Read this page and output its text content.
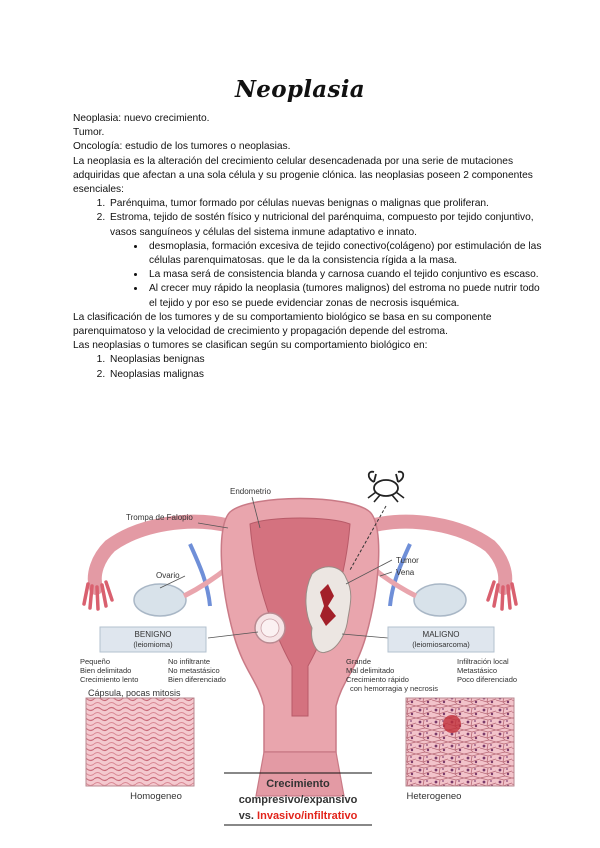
Neoplasia

Neoplasia: nuevo crecimiento.

Tumor.

Oncología: estudio de los tumores o neoplasias.

La neoplasia es la alteración del crecimiento celular desencadenada por una serie de mutaciones adquiridas que afectan a una sola célula y su progenie clónica. las neoplasias poseen 2 componentes esenciales:

1. Parénquima, tumor formado por células nuevas benignas o malignas que proliferan.
2. Estroma, tejido de sostén físico y nutricional del parénquima, compuesto por tejido conjuntivo, vasos sanguíneos y células del sistema inmune adaptativo e innato.
• desmoplasia, formación excesiva de tejido conectivo(colágeno) por estimulación de las células parenquimatosas. que le da la consistencia rígida a la masa.
• La masa será de consistencia blanda y carnosa cuando el tejido conjuntivo es escaso.
• Al crecer muy rápido la neoplasia (tumores malignos) del estroma no puede nutrir todo el tejido y por eso se puede evidenciar zonas de necrosis isquémica.

La clasificación de los tumores y de su comportamiento biológico se basa en su componente parenquimatoso y la velocidad de crecimiento y propagación depende del estroma.

Las neoplasias o tumores se clasifican según su comportamiento biológico en:

1. Neoplasias benignas
2. Neoplasias malignas
Endometrio
Trompa de Falopio
Ovario
Tumor
Vena
BENIGNO
(leiomioma)
MALIGNO
(leiomiosarcoma)
Pequeño
Bien delimitado
Crecimiento lento
No infiltrante
No metastásico
Bien diferenciado
Cápsula, pocas mitosis
Grande
Mal delimitado
Crecimiento rápido
con hemorragia y necrosis
Infiltración local
Metastásico
Poco diferenciado
Homogeneo	Heterogeneo
Crecimiento
compresivo/expansivo
vs. Invasivo/infiltrativo
